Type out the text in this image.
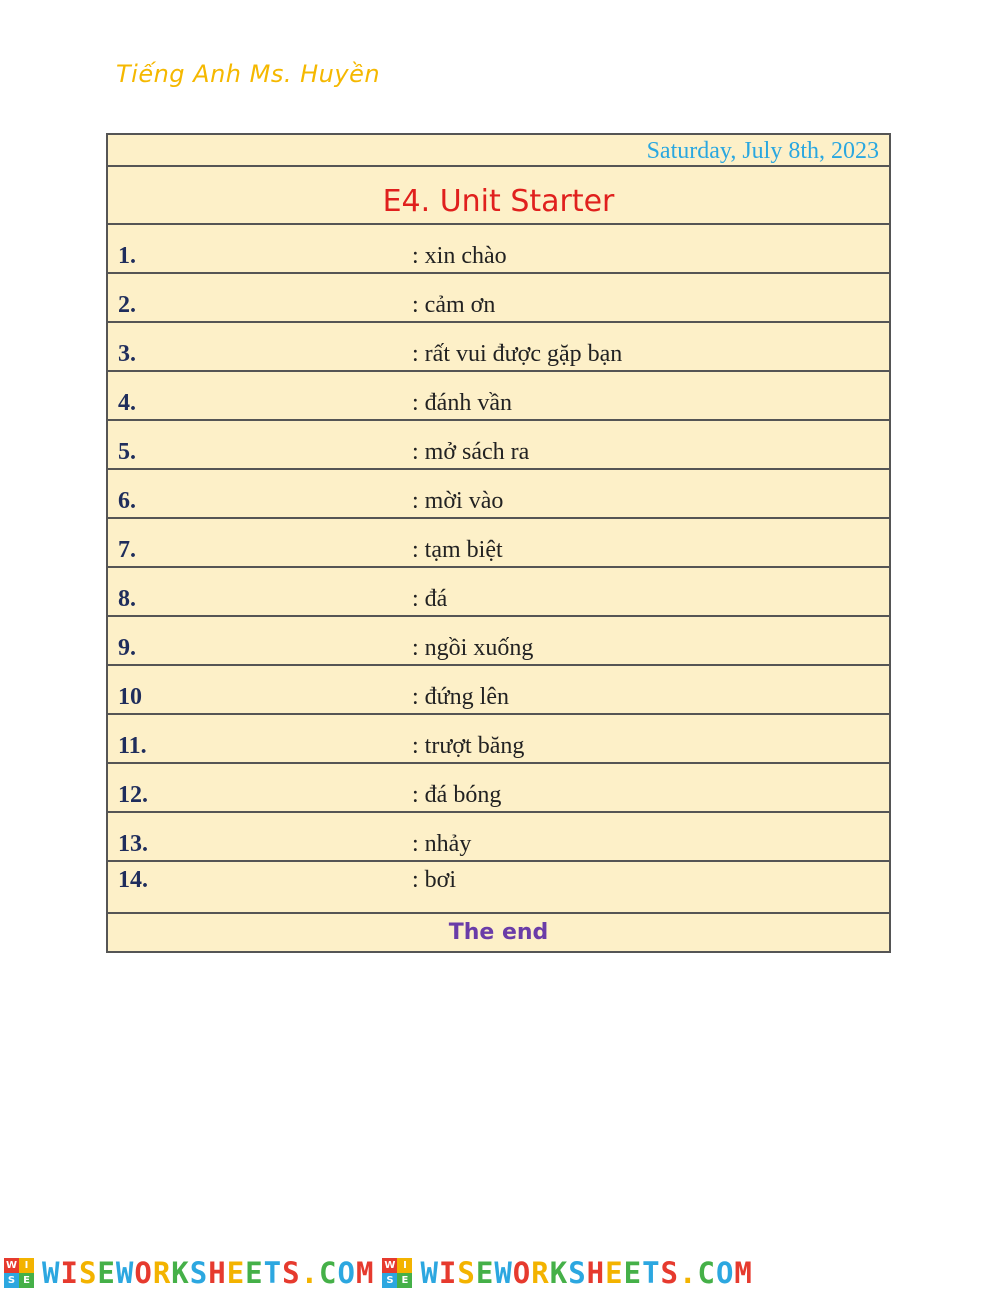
Tiếng Anh Ms. Huyền
Saturday, July 8th, 2023
E4. Unit Starter
1.	: xin chào
2.	: cảm ơn
3.	: rất vui được gặp bạn
4.	: đánh vần
5.	: mở sách ra
6.	: mời vào
7.	: tạm biệt
8.	: đá
9.	: ngồi xuống
10	: đứng lên
11.	: trượt băng
12.	: đá bóng
13.	: nhảy
14.	: bơi
The end
W I
S E WISEWORKSHEETS.COM W I
S E WISEWORKSHEETS.COM
